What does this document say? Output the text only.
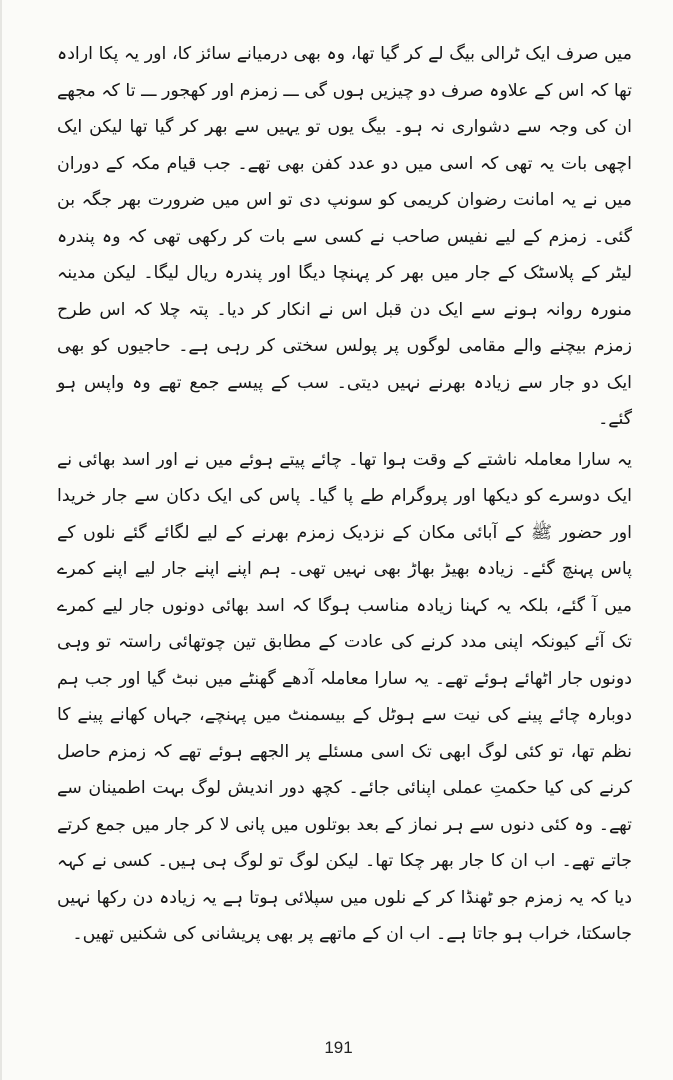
میں صرف ایک ٹرالی بیگ لے کر گیا تھا، وہ بھی درمیانے سائز کا، اور یہ پکا ارادہ تھا کہ اس کے علاوہ صرف دو چیزیں ہوں گی ـــ زمزم اور کھجور ـــ تا کہ مجھے ان کی وجہ سے دشواری نہ ہو۔ بیگ یوں تو یہیں سے بھر کر گیا تھا لیکن ایک اچھی بات یہ تھی کہ اسی میں دو عدد کفن بھی تھے۔ جب قیام مکہ کے دوران میں نے یہ امانت رضوان کریمی کو سونپ دی تو اس میں ضرورت بھر جگہ بن گئی۔ زمزم کے لیے نفیس صاحب نے کسی سے بات کر رکھی تھی کہ وہ پندرہ لیٹر کے پلاسٹک کے جار میں بھر کر پہنچا دیگا اور پندرہ ریال لیگا۔ لیکن مدینہ منورہ روانہ ہونے سے ایک دن قبل اس نے انکار کر دیا۔ پتہ چلا کہ اس طرح زمزم بیچنے والے مقامی لوگوں پر پولس سختی کر رہی ہے۔ حاجیوں کو بھی ایک دو جار سے زیادہ بھرنے نہیں دیتی۔ سب کے پیسے جمع تھے وہ واپس ہو گئے۔

یہ سارا معاملہ ناشتے کے وقت ہوا تھا۔ چائے پیتے ہوئے میں نے اور اسد بھائی نے ایک دوسرے کو دیکھا اور پروگرام طے پا گیا۔ پاس کی ایک دکان سے جار خریدا اور حضور ﷺ کے آبائی مکان کے نزدیک زمزم بھرنے کے لیے لگائے گئے نلوں کے پاس پہنچ گئے۔ زیادہ بھیڑ بھاڑ بھی نہیں تھی۔ ہم اپنے اپنے جار لیے اپنے کمرے میں آ گئے، بلکہ یہ کہنا زیادہ مناسب ہوگا کہ اسد بھائی دونوں جار لیے کمرے تک آئے کیونکہ اپنی مدد کرنے کی عادت کے مطابق تین چوتھائی راستہ تو وہی دونوں جار اٹھائے ہوئے تھے۔ یہ سارا معاملہ آدھے گھنٹے میں نبٹ گیا اور جب ہم دوبارہ چائے پینے کی نیت سے ہوٹل کے بیسمنٹ میں پہنچے، جہاں کھانے پینے کا نظم تھا، تو کئی لوگ ابھی تک اسی مسئلے پر الجھے ہوئے تھے کہ زمزم حاصل کرنے کی کیا حکمتِ عملی اپنائی جائے۔ کچھ دور اندیش لوگ بہت اطمینان سے تھے۔ وہ کئی دنوں سے ہر نماز کے بعد بوتلوں میں پانی لا کر جار میں جمع کرتے جاتے تھے۔ اب ان کا جار بھر چکا تھا۔ لیکن لوگ تو لوگ ہی ہیں۔ کسی نے کہہ دیا کہ یہ زمزم جو ٹھنڈا کر کے نلوں میں سپلائی ہوتا ہے یہ زیادہ دن رکھا نہیں جاسکتا، خراب ہو جاتا ہے۔ اب ان کے ماتھے پر بھی پریشانی کی شکنیں تھیں۔

191
